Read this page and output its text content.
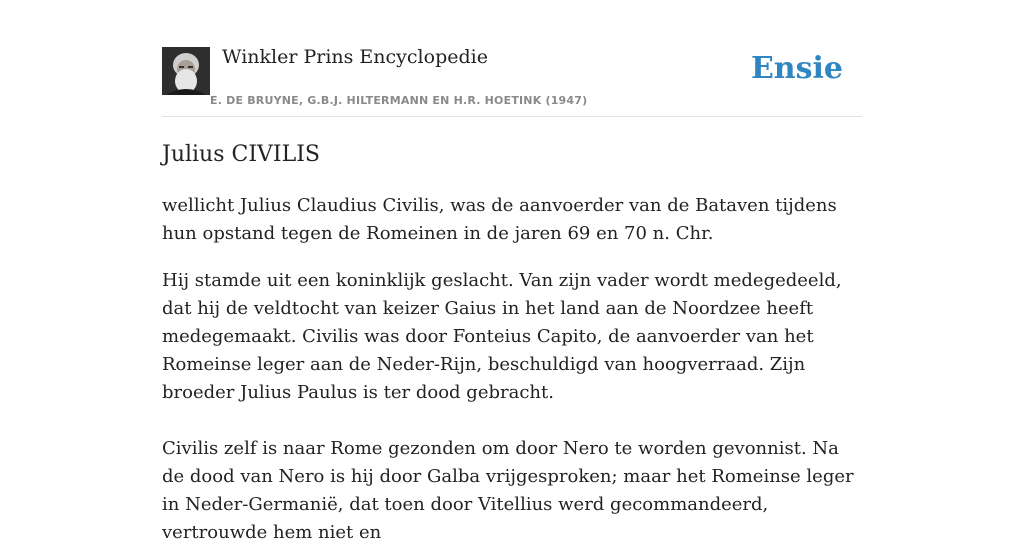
Winkler Prins Encyclopedie
E. DE BRUYNE, G.B.J. HILTERMANN EN H.R. HOETINK (1947)
Ensie
Julius CIVILIS

wellicht Julius Claudius Civilis, was de aanvoerder van de Bataven tijdens hun opstand tegen de Romeinen in de jaren 69 en 70 n. Chr.

Hij stamde uit een koninklijk geslacht. Van zijn vader wordt medegedeeld, dat hij de veldtocht van keizer Gaius in het land aan de Noordzee heeft medegemaakt. Civilis was door Fonteius Capito, de aanvoerder van het Romeinse leger aan de Neder-Rijn, beschuldigd van hoogverraad. Zijn broeder Julius Paulus is ter dood gebracht.

Civilis zelf is naar Rome gezonden om door Nero te worden gevonnist. Na de dood van Nero is hij door Galba vrijgesproken; maar het Romeinse leger in Neder-Germanië, dat toen door Vitellius werd gecommandeerd, vertrouwde hem niet en
